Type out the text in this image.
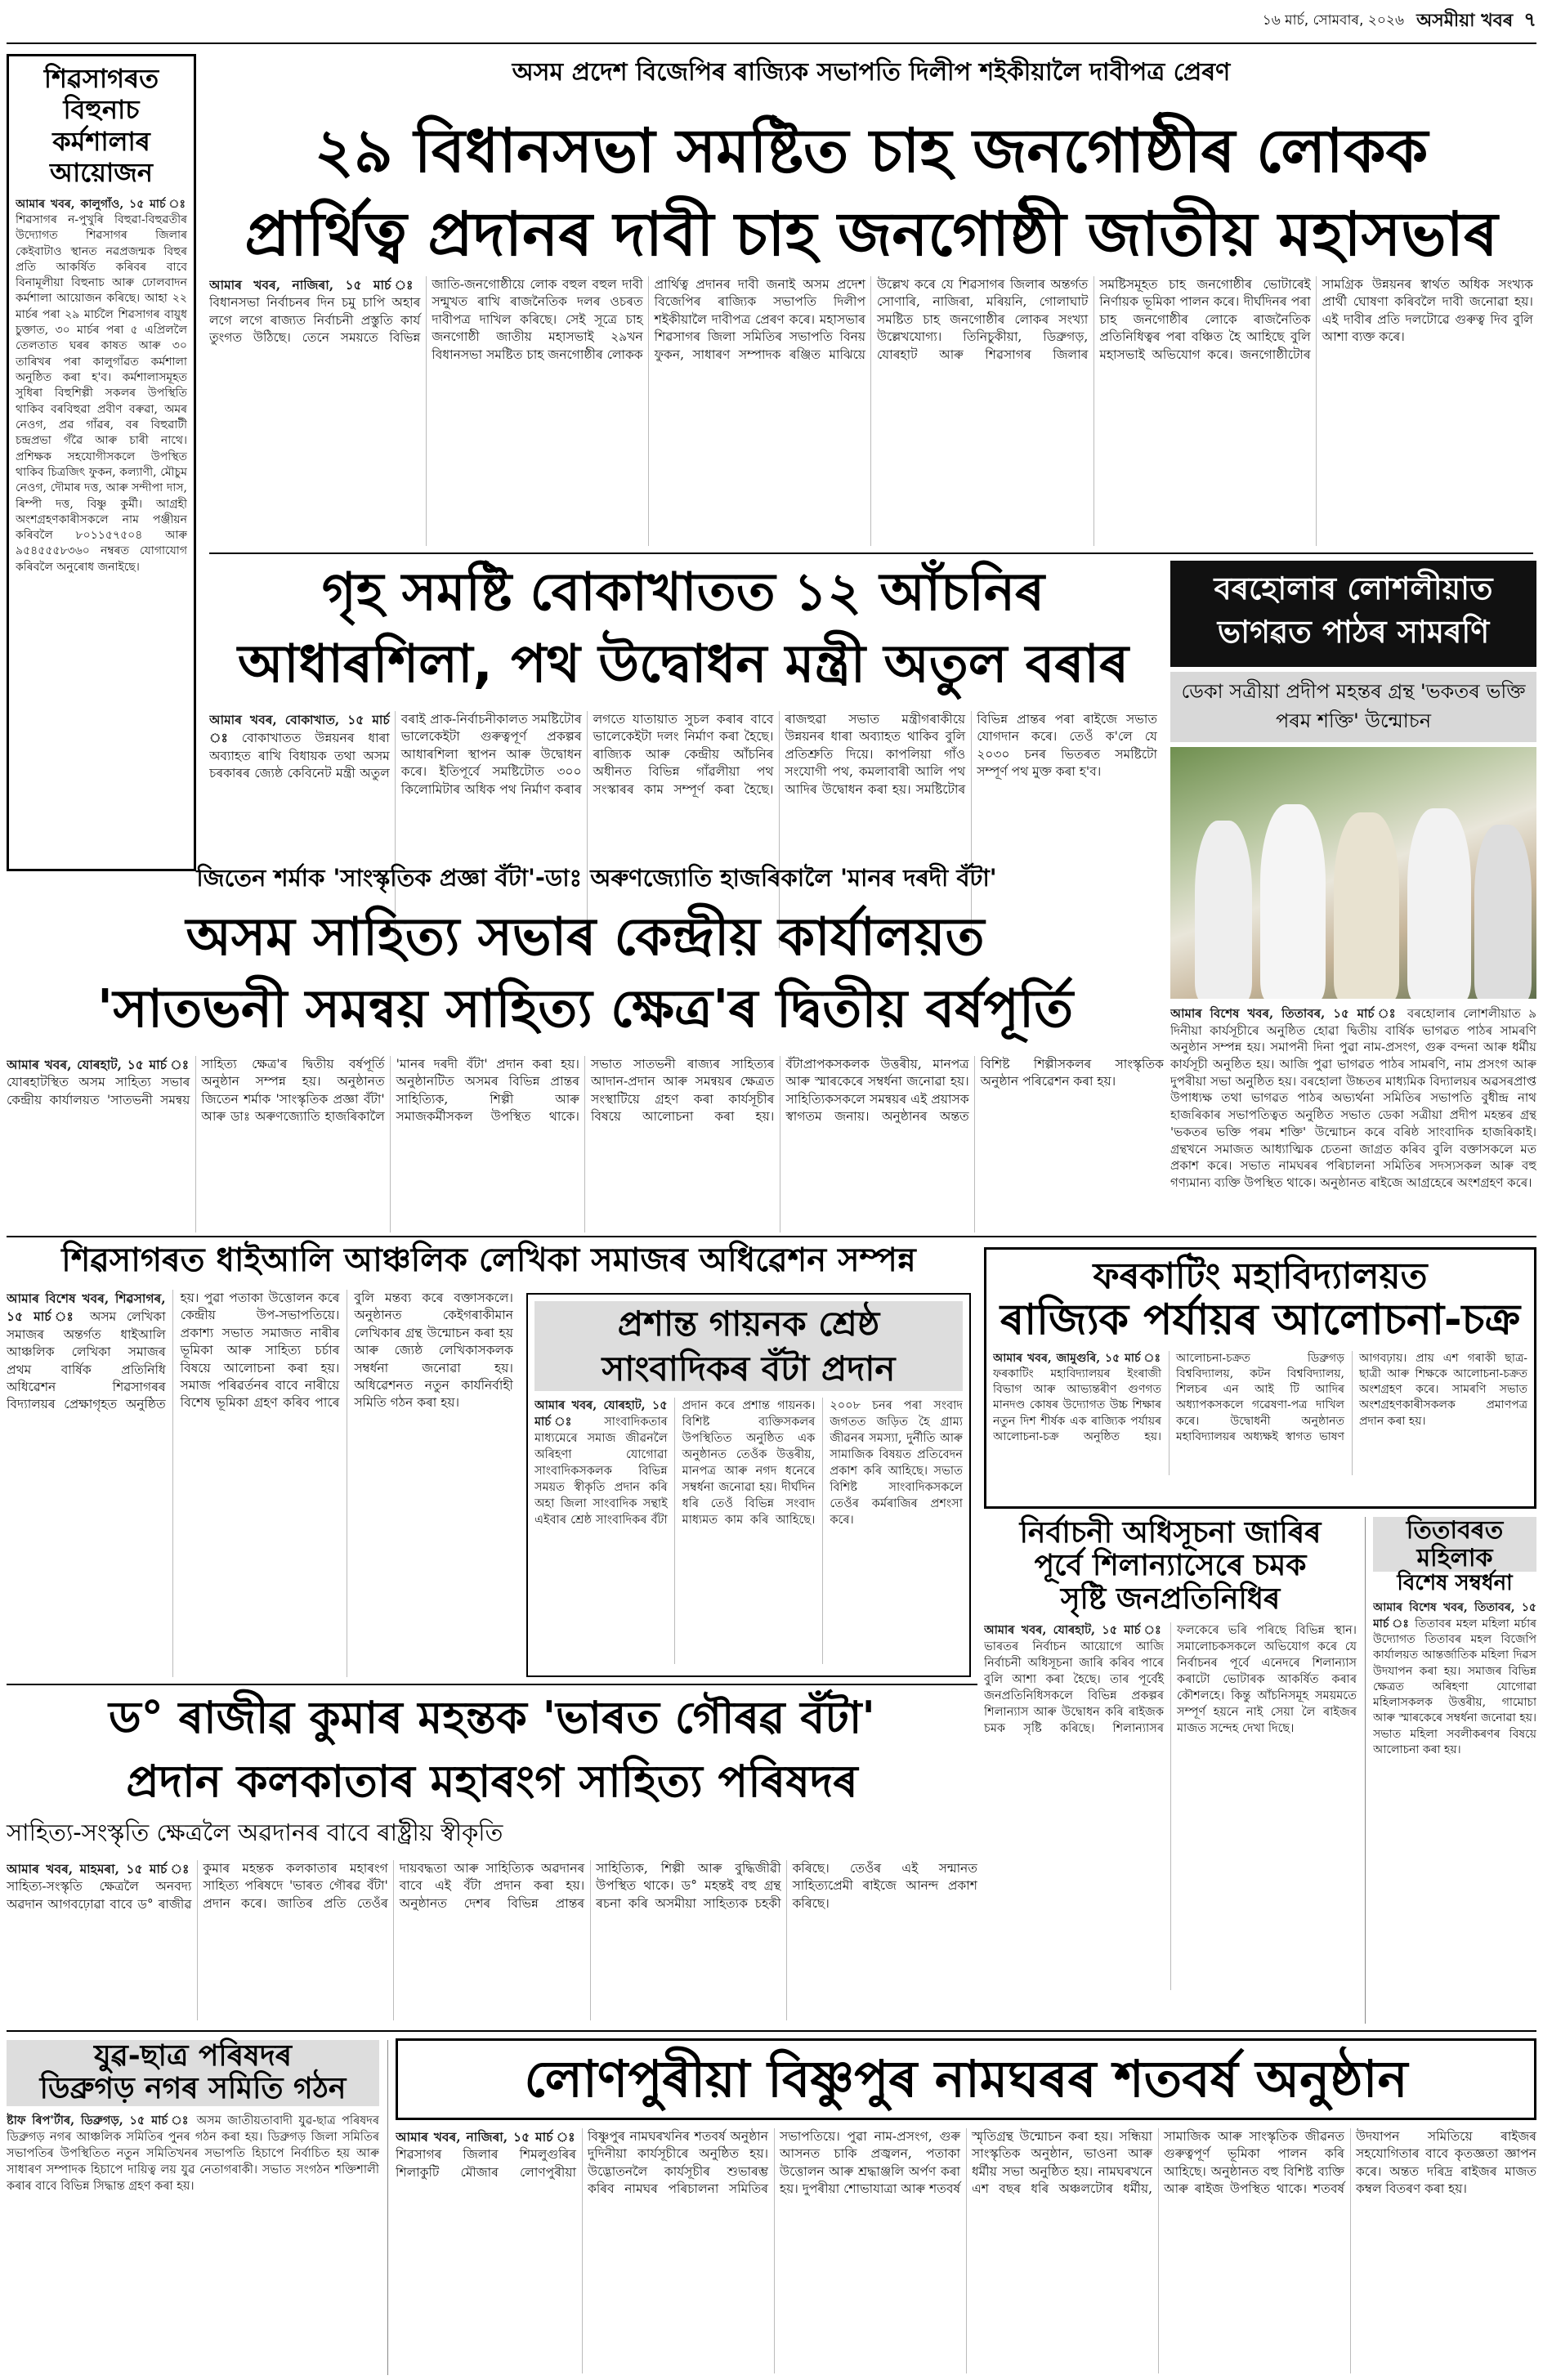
১৬ মাৰ্চ, সোমবাৰ, ২০২৬ অসমীয়া খবৰ ৭
শিৱসাগৰত বিহুনাচ কৰ্মশালাৰ আয়োজন
আমাৰ খবৰ, কালুগাঁও, ১৫ মাৰ্চ ঃ শিৱসাগৰ ন-পুখুৰি বিহুৱা-বিহুৱতীৰ উদ্যোগত শিৱসাগৰ জিলাৰ কেইবাটাও স্থানত নৱপ্ৰজন্মক বিহুৰ প্ৰতি আকৰ্ষিত কৰিবৰ বাবে বিনামূলীয়া বিহুনাচ আৰু ঢোলবাদন কৰ্মশালা আয়োজন কৰিছে। আহা ২২ মাৰ্চৰ পৰা ২৯ মাৰ্চলৈ শিৱসাগৰ বায়ুধ চুক্তাত, ৩০ মাৰ্চৰ পৰা ৫ এপ্ৰিললৈ তেলতাত ঘৰৰ কাষত আৰু ৩০ তাৰিখৰ পৰা কালুগাঁৱত কৰ্মশালা অনুষ্ঠিত কৰা হ'ব। কৰ্মশালাসমূহত সুধিৰা বিহুশিল্পী সকলৰ উপস্থিতি থাকিব বৰবিহুৱা প্ৰবীণ বৰুৱা, অমৰ নেওগ, প্ৰৱ গাঁৱৰ, বৰ বিহুৱাটী চন্দ্ৰপ্ৰভা গঁৱৈ আৰু চাৰী নাথে। প্ৰশিক্ষক সহযোগীসকলে উপস্থিত থাকিব চিত্ৰজিৎ ফুকন, কল্যাণী, মৌচুম নেওগ, দৌমাৰ দত্ত, আৰু সন্দীপা দাস, ৰিম্পী দত্ত, বিষ্ণু কুৰ্মী। আগ্ৰহী অংশগ্ৰহণকাৰীসকলে নাম পঞ্জীয়ন কৰিবলৈ ৮০১১৫৭৫০৪ আৰু ৯৫৪৫৫৫৮৩৬০ নম্বৰত যোগাযোগ কৰিবলৈ অনুৰোধ জনাইছে।
অসম প্ৰদেশ বিজেপিৰ ৰাজ্যিক সভাপতি দিলীপ শইকীয়ালৈ দাবীপত্ৰ প্ৰেৰণ
২৯ বিধানসভা সমষ্টিত চাহ জনগোষ্ঠীৰ লোকক
প্ৰাৰ্থিত্ব প্ৰদানৰ দাবী চাহ জনগোষ্ঠী জাতীয় মহাসভাৰ
আমাৰ খবৰ, নাজিৰা, ১৫ মাৰ্চ ঃ বিধানসভা নিৰ্বাচনৰ দিন চমু চাপি অহাৰ লগে লগে ৰাজ্যত নিৰ্বাচনী প্ৰস্তুতি কাৰ্য তুংগত উঠিছে। তেনে সময়তে বিভিন্ন জাতি-জনগোষ্ঠীয়ে লোক বহুল বহুল দাবী সন্মুখত ৰাখি ৰাজনৈতিক দলৰ ওচৰত দাবীপত্ৰ দাখিল কৰিছে। সেই সূত্ৰে চাহ জনগোষ্ঠী জাতীয় মহাসভাই ২৯খন বিধানসভা সমষ্টিত চাহ জনগোষ্ঠীৰ লোকক প্ৰাৰ্থিত্ব প্ৰদানৰ দাবী জনাই অসম প্ৰদেশ বিজেপিৰ ৰাজ্যিক সভাপতি দিলীপ শইকীয়ালৈ দাবীপত্ৰ প্ৰেৰণ কৰে। মহাসভাৰ শিৱসাগৰ জিলা সমিতিৰ সভাপতি বিনয় ফুকন, সাধাৰণ সম্পাদক ৰঞ্জিত মাঝিয়ে উল্লেখ কৰে যে শিৱসাগৰ জিলাৰ অন্তৰ্গত সোণাৰি, নাজিৰা, মৰিয়নি, গোলাঘাট সমষ্টিত চাহ জনগোষ্ঠীৰ লোকৰ সংখ্যা উল্লেখযোগ্য। তিনিচুকীয়া, ডিব্ৰুগড়, যোৰহাট আৰু শিৱসাগৰ জিলাৰ সমষ্টিসমূহত চাহ জনগোষ্ঠীৰ ভোটাৰেই নিৰ্ণায়ক ভূমিকা পালন কৰে। দীৰ্ঘদিনৰ পৰা চাহ জনগোষ্ঠীৰ লোকে ৰাজনৈতিক প্ৰতিনিধিত্বৰ পৰা বঞ্চিত হৈ আহিছে বুলি মহাসভাই অভিযোগ কৰে। জনগোষ্ঠীটোৰ সামগ্ৰিক উন্নয়নৰ স্বাৰ্থত অধিক সংখ্যক প্ৰাৰ্থী ঘোষণা কৰিবলৈ দাবী জনোৱা হয়। এই দাবীৰ প্ৰতি দলটোৱে গুৰুত্ব দিব বুলি আশা ব্যক্ত কৰে।
গৃহ সমষ্টি বোকাখাতত ১২ আঁচনিৰ
আধাৰশিলা, পথ উদ্বোধন মন্ত্ৰী অতুল বৰাৰ
আমাৰ খবৰ, বোকাখাত, ১৫ মাৰ্চ ঃ বোকাখাতত উন্নয়নৰ ধাৰা অব্যাহত ৰাখি বিধায়ক তথা অসম চৰকাৰৰ জ্যেষ্ঠ কেবিনেট মন্ত্ৰী অতুল বৰাই প্ৰাক-নিৰ্বাচনীকালত সমষ্টিটোৰ ভালেকেইটা গুৰুত্বপূৰ্ণ প্ৰকল্পৰ আধাৰশিলা স্থাপন আৰু উদ্বোধন কৰে। ইতিপূৰ্বে সমষ্টিটোত ৩০০ কিলোমিটাৰ অধিক পথ নিৰ্মাণ কৰাৰ লগতে যাতায়াত সুচল কৰাৰ বাবে ভালেকেইটা দলং নিৰ্মাণ কৰা হৈছে। ৰাজ্যিক আৰু কেন্দ্ৰীয় আঁচনিৰ অধীনত বিভিন্ন গাঁৱলীয়া পথ সংস্কাৰৰ কাম সম্পূৰ্ণ কৰা হৈছে। ৰাজহুৱা সভাত মন্ত্ৰীগৰাকীয়ে উন্নয়নৰ ধাৰা অব্যাহত থাকিব বুলি প্ৰতিশ্ৰুতি দিয়ে। কাপলিয়া গাঁও সংযোগী পথ, কমলাবাৰী আলি পথ আদিৰ উদ্বোধন কৰা হয়। সমষ্টিটোৰ বিভিন্ন প্ৰান্তৰ পৰা ৰাইজে সভাত যোগদান কৰে। তেওঁ ক'লে যে ২০৩০ চনৰ ভিতৰত সমষ্টিটো সম্পূৰ্ণ পথ মুক্ত কৰা হ'ব।
বৰহোলাৰ লোশলীয়াত ভাগৱত পাঠৰ সামৰণি
ডেকা সত্ৰীয়া প্ৰদীপ মহন্তৰ গ্ৰন্থ 'ভকতৰ ভক্তি পৰম শক্তি' উন্মোচন
আমাৰ বিশেষ খবৰ, তিতাবৰ, ১৫ মাৰ্চ ঃ বৰহোলাৰ লোশলীয়াত ৯ দিনীয়া কাৰ্যসূচীৰে অনুষ্ঠিত হোৱা দ্বিতীয় বাৰ্ষিক ভাগৱত পাঠৰ সামৰণি অনুষ্ঠান সম্পন্ন হয়। সমাপনী দিনা পুৱা নাম-প্ৰসংগ, গুৰু বন্দনা আৰু ধৰ্মীয় কাৰ্যসূচী অনুষ্ঠিত হয়। আজি পুৱা ভাগৱত পাঠৰ সামৰণি, নাম প্ৰসংগ আৰু দুপৰীয়া সভা অনুষ্ঠিত হয়। বৰহোলা উচ্চতৰ মাধ্যমিক বিদ্যালয়ৰ অৱসৰপ্ৰাপ্ত উপাধ্যক্ষ তথা ভাগৱত পাঠৰ অভ্যৰ্থনা সমিতিৰ সভাপতি বুধীন্দ্ৰ নাথ হাজৰিকাৰ সভাপতিত্বত অনুষ্ঠিত সভাত ডেকা সত্ৰীয়া প্ৰদীপ মহন্তৰ গ্ৰন্থ 'ভকতৰ ভক্তি পৰম শক্তি' উন্মোচন কৰে বৰিষ্ঠ সাংবাদিক হাজৰিকাই। গ্ৰন্থখনে সমাজত আধ্যাত্মিক চেতনা জাগ্ৰত কৰিব বুলি বক্তাসকলে মত প্ৰকাশ কৰে। সভাত নামঘৰৰ পৰিচালনা সমিতিৰ সদস্যসকল আৰু বহু গণ্যমান্য ব্যক্তি উপস্থিত থাকে। অনুষ্ঠানত ৰাইজে আগ্ৰহেৰে অংশগ্ৰহণ কৰে।
জিতেন শৰ্মাক 'সাংস্কৃতিক প্ৰজ্ঞা বঁটা'-ডাঃ অৰুণজ্যোতি হাজৰিকালৈ 'মানৰ দৰদী বঁটা'
অসম সাহিত্য সভাৰ কেন্দ্ৰীয় কাৰ্যালয়ত
'সাতভনী সমন্বয় সাহিত্য ক্ষেত্ৰ'ৰ দ্বিতীয় বৰ্ষপূৰ্তি
আমাৰ খবৰ, যোৰহাট, ১৫ মাৰ্চ ঃ যোৰহাটস্থিত অসম সাহিত্য সভাৰ কেন্দ্ৰীয় কাৰ্যালয়ত 'সাতভনী সমন্বয় সাহিত্য ক্ষেত্ৰ'ৰ দ্বিতীয় বৰ্ষপূৰ্তি অনুষ্ঠান সম্পন্ন হয়। অনুষ্ঠানত জিতেন শৰ্মাক 'সাংস্কৃতিক প্ৰজ্ঞা বঁটা' আৰু ডাঃ অৰুণজ্যোতি হাজৰিকালৈ 'মানৰ দৰদী বঁটা' প্ৰদান কৰা হয়। অনুষ্ঠানটিত অসমৰ বিভিন্ন প্ৰান্তৰ সাহিত্যিক, শিল্পী আৰু সমাজকৰ্মীসকল উপস্থিত থাকে। সভাত সাতভনী ৰাজ্যৰ সাহিত্যৰ আদান-প্ৰদান আৰু সমন্বয়ৰ ক্ষেত্ৰত সংস্থাটিয়ে গ্ৰহণ কৰা কাৰ্যসূচীৰ বিষয়ে আলোচনা কৰা হয়। বঁটাপ্ৰাপকসকলক উত্তৰীয়, মানপত্ৰ আৰু স্মাৰকেৰে সম্বৰ্ধনা জনোৱা হয়। সাহিত্যিকসকলে সমন্বয়ৰ এই প্ৰয়াসক স্বাগতম জনায়। অনুষ্ঠানৰ অন্তত বিশিষ্ট শিল্পীসকলৰ সাংস্কৃতিক অনুষ্ঠান পৰিৱেশন কৰা হয়।
শিৱসাগৰত ধাইআলি আঞ্চলিক লেখিকা সমাজৰ অধিৱেশন সম্পন্ন
আমাৰ বিশেষ খবৰ, শিৱসাগৰ, ১৫ মাৰ্চ ঃ অসম লেখিকা সমাজৰ অন্তৰ্গত ধাইআলি আঞ্চলিক লেখিকা সমাজৰ প্ৰথম বাৰ্ষিক প্ৰতিনিধি অধিৱেশন শিৱসাগৰৰ বিদ্যালয়ৰ প্ৰেক্ষাগৃহত অনুষ্ঠিত হয়। পুৱা পতাকা উত্তোলন কৰে কেন্দ্ৰীয় উপ-সভাপতিয়ে। প্ৰকাশ্য সভাত সমাজত নাৰীৰ ভূমিকা আৰু সাহিত্য চৰ্চাৰ বিষয়ে আলোচনা কৰা হয়। সমাজ পৰিৱৰ্তনৰ বাবে নাৰীয়ে বিশেষ ভূমিকা গ্ৰহণ কৰিব পাৰে বুলি মন্তব্য কৰে বক্তাসকলে। অনুষ্ঠানত কেইগৰাকীমান লেখিকাৰ গ্ৰন্থ উন্মোচন কৰা হয় আৰু জ্যেষ্ঠ লেখিকাসকলক সম্বৰ্ধনা জনোৱা হয়। অধিৱেশনত নতুন কাৰ্যনিৰ্বাহী সমিতি গঠন কৰা হয়।
প্ৰশান্ত গায়নক শ্ৰেষ্ঠ
সাংবাদিকৰ বঁটা প্ৰদান
আমাৰ খবৰ, যোৰহাট, ১৫ মাৰ্চ ঃ সাংবাদিকতাৰ মাধ্যমেৰে সমাজ জীৱনলৈ অৰিহণা যোগোৱা সাংবাদিকসকলক বিভিন্ন সময়ত স্বীকৃতি প্ৰদান কৰি অহা জিলা সাংবাদিক সন্থাই এইবাৰ শ্ৰেষ্ঠ সাংবাদিকৰ বঁটা প্ৰদান কৰে প্ৰশান্ত গায়নক। বিশিষ্ট ব্যক্তিসকলৰ উপস্থিতিত অনুষ্ঠিত এক অনুষ্ঠানত তেওঁক উত্তৰীয়, মানপত্ৰ আৰু নগদ ধনেৰে সম্বৰ্ধনা জনোৱা হয়। দীৰ্ঘদিন ধৰি তেওঁ বিভিন্ন সংবাদ মাধ্যমত কাম কৰি আহিছে। ২০০৮ চনৰ পৰা সংবাদ জগতত জড়িত হৈ গ্ৰাম্য জীৱনৰ সমস্যা, দুৰ্নীতি আৰু সামাজিক বিষয়ত প্ৰতিবেদন প্ৰকাশ কৰি আহিছে। সভাত বিশিষ্ট সাংবাদিকসকলে তেওঁৰ কৰ্মৰাজিৰ প্ৰশংসা কৰে।
ফৰকাটিং মহাবিদ্যালয়ত
ৰাজ্যিক পৰ্যায়ৰ আলোচনা-চক্ৰ
আমাৰ খবৰ, জামুগুৰি, ১৫ মাৰ্চ ঃ ফৰকাটিং মহাবিদ্যালয়ৰ ইংৰাজী বিভাগ আৰু আভ্যন্তৰীণ গুণগত মানদণ্ড কোষৰ উদ্যোগত উচ্চ শিক্ষাৰ নতুন দিশ শীৰ্ষক এক ৰাজ্যিক পৰ্যায়ৰ আলোচনা-চক্ৰ অনুষ্ঠিত হয়। আলোচনা-চক্ৰত ডিব্ৰুগড় বিশ্ববিদ্যালয়, কটন বিশ্ববিদ্যালয়, শিলচৰ এন আই টি আদিৰ অধ্যাপকসকলে গৱেষণা-পত্ৰ দাখিল কৰে। উদ্বোধনী অনুষ্ঠানত মহাবিদ্যালয়ৰ অধ্যক্ষই স্বাগত ভাষণ আগবঢ়ায়। প্ৰায় এশ গৰাকী ছাত্ৰ-ছাত্ৰী আৰু শিক্ষকে আলোচনা-চক্ৰত অংশগ্ৰহণ কৰে। সামৰণি সভাত অংশগ্ৰহণকাৰীসকলক প্ৰমাণপত্ৰ প্ৰদান কৰা হয়।
নিৰ্বাচনী অধিসূচনা জাৰিৰ
পূৰ্বে শিলান্যাসেৰে চমক
সৃষ্টি জনপ্ৰতিনিধিৰ
আমাৰ খবৰ, যোৰহাট, ১৫ মাৰ্চ ঃ ভাৰতৰ নিৰ্বাচন আয়োগে আজি নিৰ্বাচনী অধিসূচনা জাৰি কৰিব পাৰে বুলি আশা কৰা হৈছে। তাৰ পূৰ্বেই জনপ্ৰতিনিধিসকলে বিভিন্ন প্ৰকল্পৰ শিলান্যাস আৰু উদ্বোধন কৰি ৰাইজক চমক সৃষ্টি কৰিছে। শিলান্যাসৰ ফলকেৰে ভৰি পৰিছে বিভিন্ন স্থান। সমালোচকসকলে অভিযোগ কৰে যে নিৰ্বাচনৰ পূৰ্বে এনেদৰে শিলান্যাস কৰাটো ভোটাৰক আকৰ্ষিত কৰাৰ কৌশলহে। কিন্তু আঁচনিসমূহ সময়মতে সম্পূৰ্ণ হয়নে নাই সেয়া লৈ ৰাইজৰ মাজত সন্দেহ দেখা দিছে।
তিতাবৰত
মহিলাক
বিশেষ সম্বৰ্ধনা
আমাৰ বিশেষ খবৰ, তিতাবৰ, ১৫ মাৰ্চ ঃ তিতাবৰ মহল মহিলা মৰ্চাৰ উদ্যোগত তিতাবৰ মহল বিজেপি কাৰ্যালয়ত আন্তৰ্জাতিক মহিলা দিৱস উদযাপন কৰা হয়। সমাজৰ বিভিন্ন ক্ষেত্ৰত অৰিহণা যোগোৱা মহিলাসকলক উত্তৰীয়, গামোচা আৰু স্মাৰকেৰে সম্বৰ্ধনা জনোৱা হয়। সভাত মহিলা সবলীকৰণৰ বিষয়ে আলোচনা কৰা হয়।
ড° ৰাজীৱ কুমাৰ মহন্তক 'ভাৰত গৌৰৱ বঁটা'
প্ৰদান কলকাতাৰ মহাৰংগ সাহিত্য পৰিষদৰ
সাহিত্য-সংস্কৃতি ক্ষেত্ৰলৈ অৱদানৰ বাবে ৰাষ্ট্ৰীয় স্বীকৃতি
আমাৰ খবৰ, মাহমৰা, ১৫ মাৰ্চ ঃ সাহিত্য-সংস্কৃতি ক্ষেত্ৰলৈ অনবদ্য অৱদান আগবঢ়োৱা বাবে ড° ৰাজীৱ কুমাৰ মহন্তক কলকাতাৰ মহাৰংগ সাহিত্য পৰিষদে 'ভাৰত গৌৰৱ বঁটা' প্ৰদান কৰে। জাতিৰ প্ৰতি তেওঁৰ দায়বদ্ধতা আৰু সাহিত্যিক অৱদানৰ বাবে এই বঁটা প্ৰদান কৰা হয়। অনুষ্ঠানত দেশৰ বিভিন্ন প্ৰান্তৰ সাহিত্যিক, শিল্পী আৰু বুদ্ধিজীৱী উপস্থিত থাকে। ড° মহন্তই বহু গ্ৰন্থ ৰচনা কৰি অসমীয়া সাহিত্যক চহকী কৰিছে। তেওঁৰ এই সন্মানত সাহিত্যপ্ৰেমী ৰাইজে আনন্দ প্ৰকাশ কৰিছে।
যুৱ-ছাত্ৰ পৰিষদৰ
ডিব্ৰুগড় নগৰ সমিতি গঠন
ষ্টাফ ৰিপ'ৰ্টাৰ, ডিব্ৰুগড়, ১৫ মাৰ্চ ঃ অসম জাতীয়তাবাদী যুৱ-ছাত্ৰ পৰিষদৰ ডিব্ৰুগড় নগৰ আঞ্চলিক সমিতিৰ পুনৰ গঠন কৰা হয়। ডিব্ৰুগড় জিলা সমিতিৰ সভাপতিৰ উপস্থিতিত নতুন সমিতিখনৰ সভাপতি হিচাপে নিৰ্বাচিত হয় আৰু সাধাৰণ সম্পাদক হিচাপে দায়িত্ব লয় যুৱ নেতাগৰাকী। সভাত সংগঠন শক্তিশালী কৰাৰ বাবে বিভিন্ন সিদ্ধান্ত গ্ৰহণ কৰা হয়।
লোণপুৰীয়া বিষ্ণুপুৰ নামঘৰৰ শতবৰ্ষ অনুষ্ঠান
আমাৰ খবৰ, নাজিৰা, ১৫ মাৰ্চ ঃ শিৱসাগৰ জিলাৰ শিমলুগুৰিৰ শিলাকুটি মৌজাৰ লোণপুৰীয়া বিষ্ণুপুৰ নামঘৰখনিৰ শতবৰ্ষ অনুষ্ঠান দুদিনীয়া কাৰ্যসূচীৰে অনুষ্ঠিত হয়। উদ্ভোতনলৈ কাৰ্যসূচীৰ শুভাৰম্ভ কৰিব নামঘৰ পৰিচালনা সমিতিৰ সভাপতিয়ে। পুৱা নাম-প্ৰসংগ, গুৰু আসনত চাকি প্ৰজ্বলন, পতাকা উত্তোলন আৰু শ্ৰদ্ধাঞ্জলি অৰ্পণ কৰা হয়। দুপৰীয়া শোভাযাত্ৰা আৰু শতবৰ্ষ স্মৃতিগ্ৰন্থ উন্মোচন কৰা হয়। সন্ধিয়া সাংস্কৃতিক অনুষ্ঠান, ভাওনা আৰু ধৰ্মীয় সভা অনুষ্ঠিত হয়। নামঘৰখনে এশ বছৰ ধৰি অঞ্চলটোৰ ধৰ্মীয়, সামাজিক আৰু সাংস্কৃতিক জীৱনত গুৰুত্বপূৰ্ণ ভূমিকা পালন কৰি আহিছে। অনুষ্ঠানত বহু বিশিষ্ট ব্যক্তি আৰু ৰাইজ উপস্থিত থাকে। শতবৰ্ষ উদযাপন সমিতিয়ে ৰাইজৰ সহযোগিতাৰ বাবে কৃতজ্ঞতা জ্ঞাপন কৰে। অন্তত দৰিদ্ৰ ৰাইজৰ মাজত কম্বল বিতৰণ কৰা হয়।
